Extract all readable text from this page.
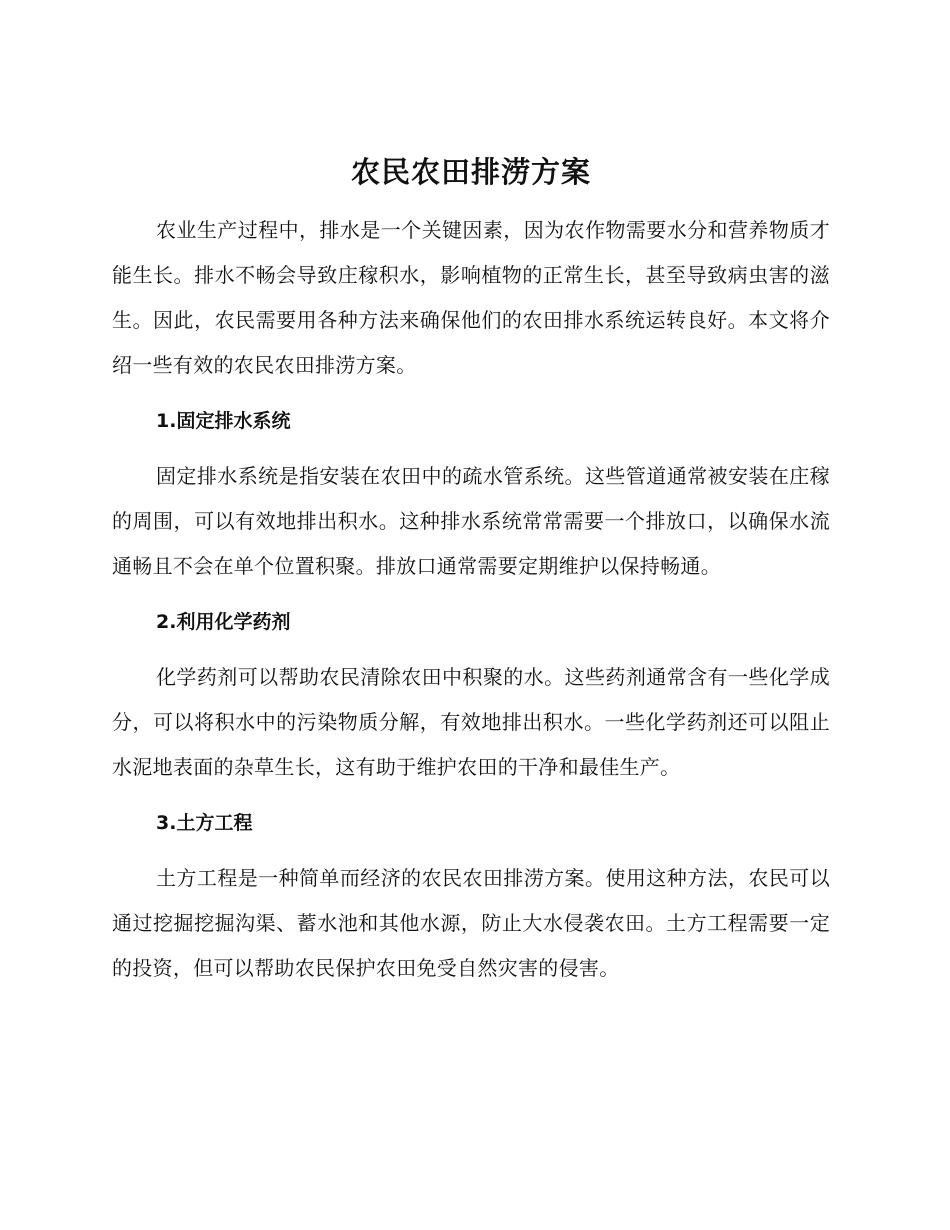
农民农田排涝方案

农业生产过程中，排水是一个关键因素，因为农作物需要水分和营养物质才能生长。排水不畅会导致庄稼积水，影响植物的正常生长，甚至导致病虫害的滋生。因此，农民需要用各种方法来确保他们的农田排水系统运转良好。本文将介绍一些有效的农民农田排涝方案。

1.固定排水系统

固定排水系统是指安装在农田中的疏水管系统。这些管道通常被安装在庄稼的周围，可以有效地排出积水。这种排水系统常常需要一个排放口，以确保水流通畅且不会在单个位置积聚。排放口通常需要定期维护以保持畅通。

2.利用化学药剂

化学药剂可以帮助农民清除农田中积聚的水。这些药剂通常含有一些化学成分，可以将积水中的污染物质分解，有效地排出积水。一些化学药剂还可以阻止水泥地表面的杂草生长，这有助于维护农田的干净和最佳生产。

3.土方工程

土方工程是一种简单而经济的农民农田排涝方案。使用这种方法，农民可以通过挖掘挖掘沟渠、蓄水池和其他水源，防止大水侵袭农田。土方工程需要一定的投资，但可以帮助农民保护农田免受自然灾害的侵害。
